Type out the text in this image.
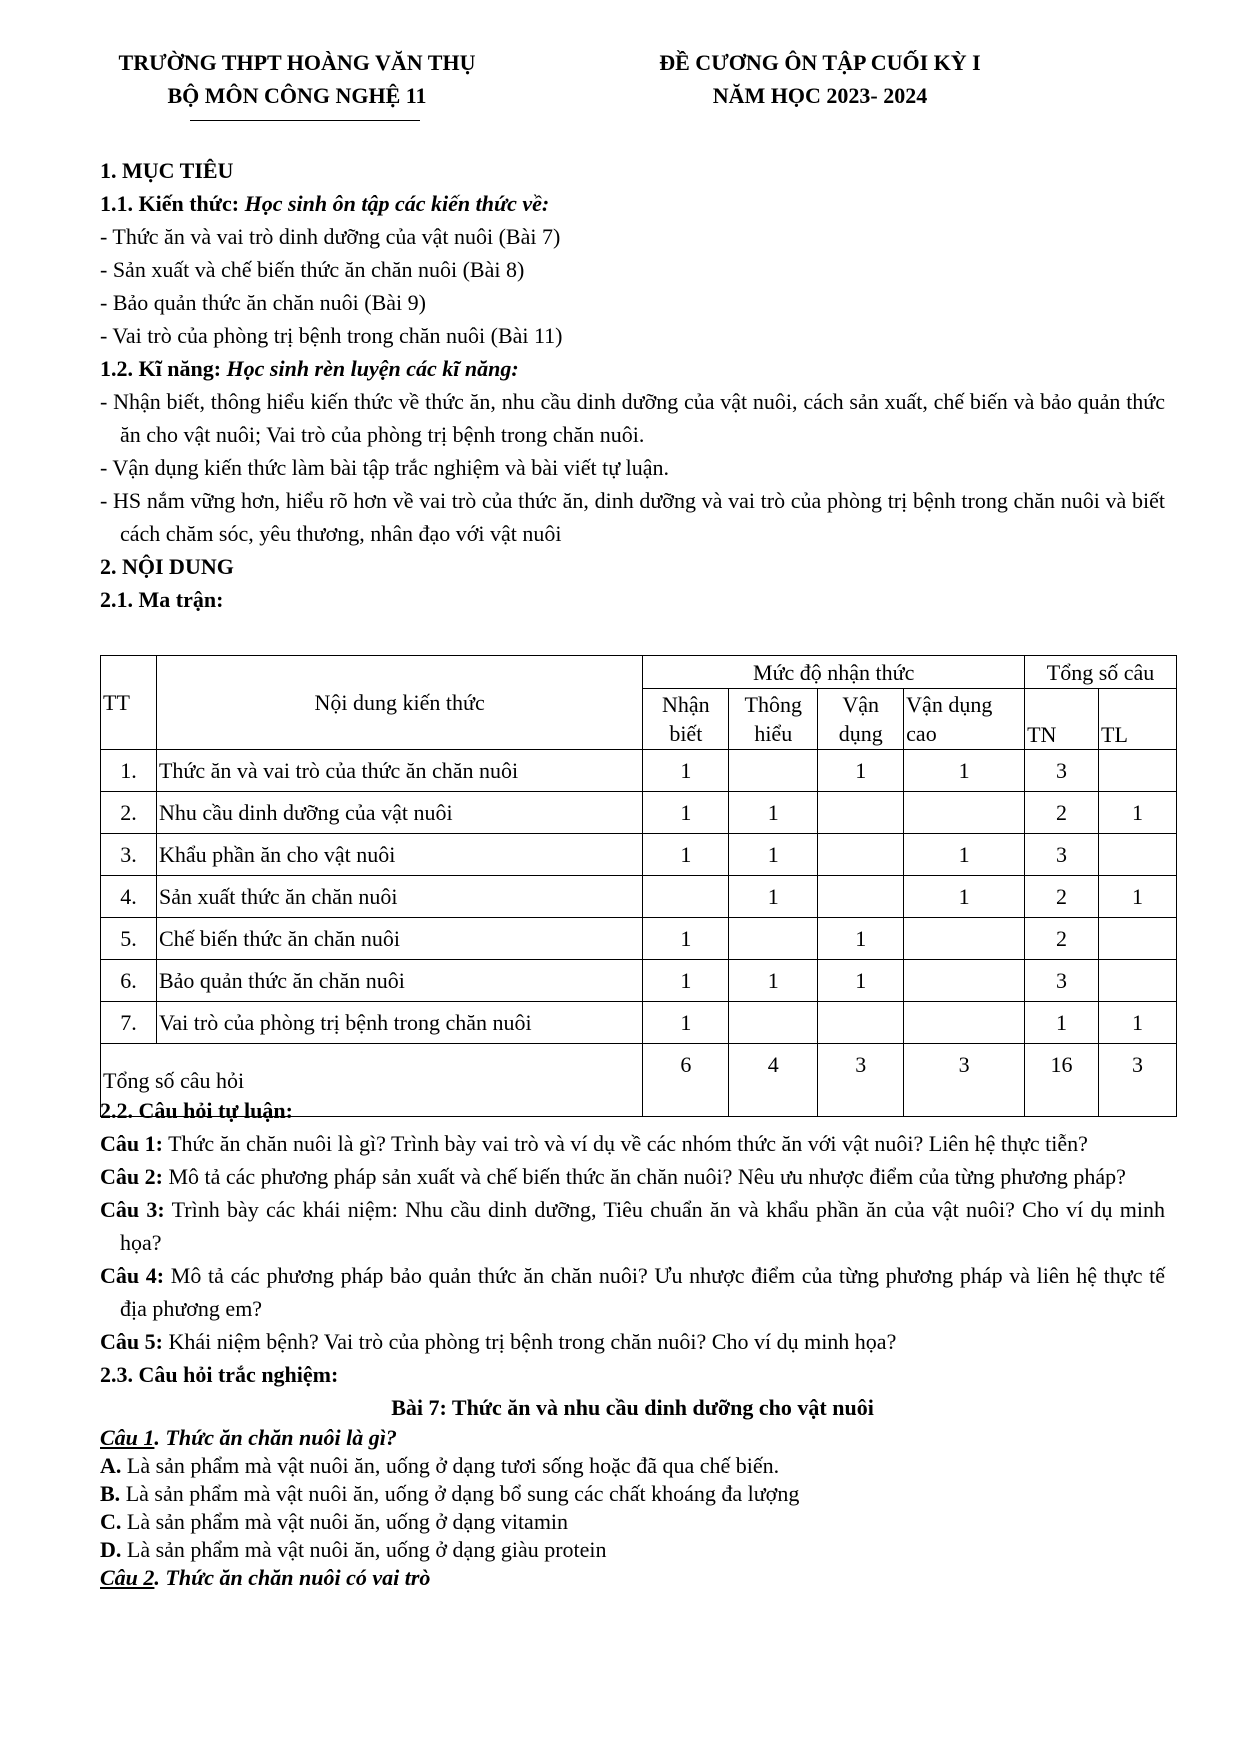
TRƯỜNG THPT HOÀNG VĂN THỤ
BỘ MÔN CÔNG NGHỆ 11
ĐỀ CƯƠNG ÔN TẬP CUỐI KỲ I
NĂM HỌC 2023- 2024
1. MỤC TIÊU
1.1. Kiến thức: Học sinh ôn tập các kiến thức về:
- Thức ăn và vai trò dinh dưỡng của vật nuôi (Bài 7)
- Sản xuất và chế biến thức ăn chăn nuôi (Bài 8)
- Bảo quản thức ăn chăn nuôi (Bài 9)
- Vai trò của phòng trị bệnh trong chăn nuôi (Bài 11)
1.2. Kĩ năng: Học sinh rèn luyện các kĩ năng:
- Nhận biết, thông hiểu kiến thức về thức ăn, nhu cầu dinh dưỡng của vật nuôi, cách sản xuất, chế biến và bảo quản thức ăn cho vật nuôi; Vai trò của phòng trị bệnh trong chăn nuôi.
- Vận dụng kiến thức làm bài tập trắc nghiệm và bài viết tự luận.
- HS nắm vững hơn, hiểu rõ hơn về vai trò của thức ăn, dinh dưỡng và vai trò của phòng trị bệnh trong chăn nuôi và biết cách chăm sóc, yêu thương, nhân đạo với vật nuôi
2. NỘI DUNG
2.1. Ma trận:
2.2. Câu hỏi tự luận:
Câu 1: Thức ăn chăn nuôi là gì? Trình bày vai trò và ví dụ về các nhóm thức ăn với vật nuôi? Liên hệ thực tiễn?
Câu 2: Mô tả các phương pháp sản xuất và chế biến thức ăn chăn nuôi? Nêu ưu nhược điểm của từng phương pháp?
Câu 3: Trình bày các khái niệm: Nhu cầu dinh dưỡng, Tiêu chuẩn ăn và khẩu phần ăn của vật nuôi? Cho ví dụ minh họa?
Câu 4: Mô tả các phương pháp bảo quản thức ăn chăn nuôi? Ưu nhược điểm của từng phương pháp và liên hệ thực tế địa phương em?
Câu 5: Khái niệm bệnh? Vai trò của phòng trị bệnh trong chăn nuôi? Cho ví dụ minh họa?
2.3. Câu hỏi trắc nghiệm:
Bài 7: Thức ăn và nhu cầu dinh dưỡng cho vật nuôi
Câu 1. Thức ăn chăn nuôi là gì?
A. Là sản phẩm mà vật nuôi ăn, uống ở dạng tươi sống hoặc đã qua chế biến.
B. Là sản phẩm mà vật nuôi ăn, uống ở dạng bổ sung các chất khoáng đa lượng
C. Là sản phẩm mà vật nuôi ăn, uống ở dạng vitamin
D. Là sản phẩm mà vật nuôi ăn, uống ở dạng giàu protein
Câu 2. Thức ăn chăn nuôi có vai trò
TT	Nội dung kiến thức	Mức độ nhận thức				Tổng số câu	
		Nhận biết	Thông hiểu	Vận dụng	Vận dụng cao	TN	TL
1.	Thức ăn và vai trò của thức ăn chăn nuôi	1		1	1	3	
2.	Nhu cầu dinh dưỡng của vật nuôi	1	1			2	1
3.	Khẩu phần ăn cho vật nuôi	1	1		1	3	
4.	Sản xuất thức ăn chăn nuôi		1		1	2	1
5.	Chế biến thức ăn chăn nuôi	1		1		2	
6.	Bảo quản thức ăn chăn nuôi	1	1	1		3	
7.	Vai trò của phòng trị bệnh trong chăn nuôi	1				1	1
Tổng số câu hỏi		6	4	3	3	16	3
